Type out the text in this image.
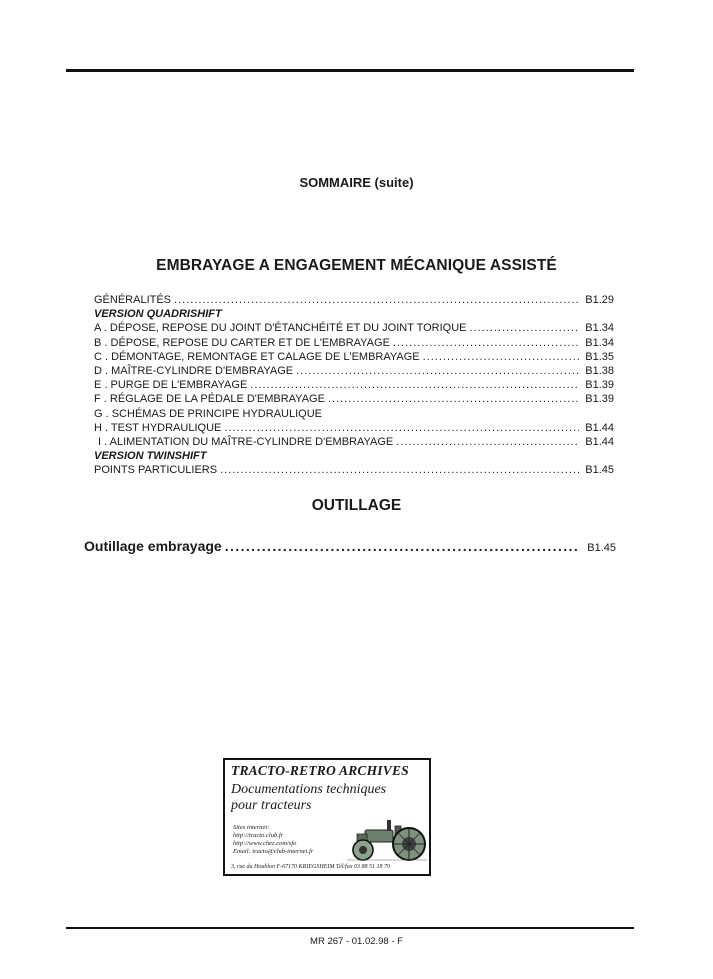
SOMMAIRE (suite)
EMBRAYAGE A ENGAGEMENT MÉCANIQUE ASSISTÉ
GÉNÉRALITÉS .....	B1.29
VERSION QUADRISHIFT
A . DÉPOSE, REPOSE DU JOINT D'ÉTANCHÉITÉ ET DU JOINT TORIQUE .....	B1.34
B . DÉPOSE, REPOSE DU CARTER ET DE L'EMBRAYAGE .....	B1.34
C . DÉMONTAGE, REMONTAGE ET CALAGE DE L'EMBRAYAGE .....	B1.35
D . MAÎTRE-CYLINDRE D'EMBRAYAGE .....	B1.38
E . PURGE DE L'EMBRAYAGE .....	B1.39
F . RÉGLAGE DE LA PÉDALE D'EMBRAYAGE .....	B1.39
G . SCHÉMAS DE PRINCIPE HYDRAULIQUE
H . TEST HYDRAULIQUE .....	B1.44
I . ALIMENTATION DU MAÎTRE-CYLINDRE D'EMBRAYAGE .....	B1.44
VERSION TWINSHIFT
POINTS PARTICULIERS .....	B1.45
OUTILLAGE
Outillage embrayage .....	B1.45
TRACTO-RETRO ARCHIVES
Documentations techniques
pour tracteurs
Sites internet:
http://tracto.club.fr
http://www.chez.com/sfo
Email: tracto@club-internet.fr
3, rue du Houblon F-67170 KRIEGSHEIM Tél/fax 03 88 51 18 70
MR 267 - 01.02.98 - F
